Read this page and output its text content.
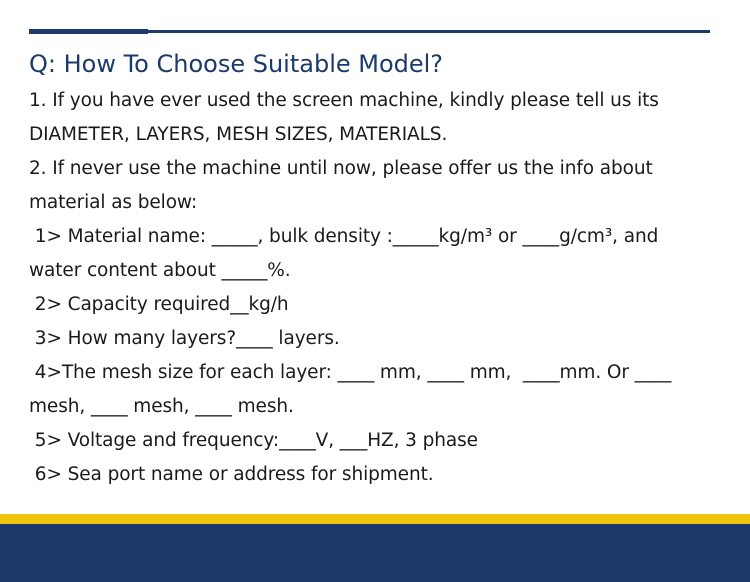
Q: How To Choose Suitable Model?
1. If you have ever used the screen machine, kindly please tell us its
DIAMETER, LAYERS, MESH SIZES, MATERIALS.
2. If never use the machine until now, please offer us the info about
material as below:
1> Material name: _____, bulk density :_____kg/m³ or ____g/cm³, and
water content about _____%.
2> Capacity required__kg/h
3> How many layers?____ layers.
4>The mesh size for each layer: ____ mm, ____ mm,  ____mm. Or ____
mesh, ____ mesh, ____ mesh.
5> Voltage and frequency:____V, ___HZ, 3 phase
6> Sea port name or address for shipment.
